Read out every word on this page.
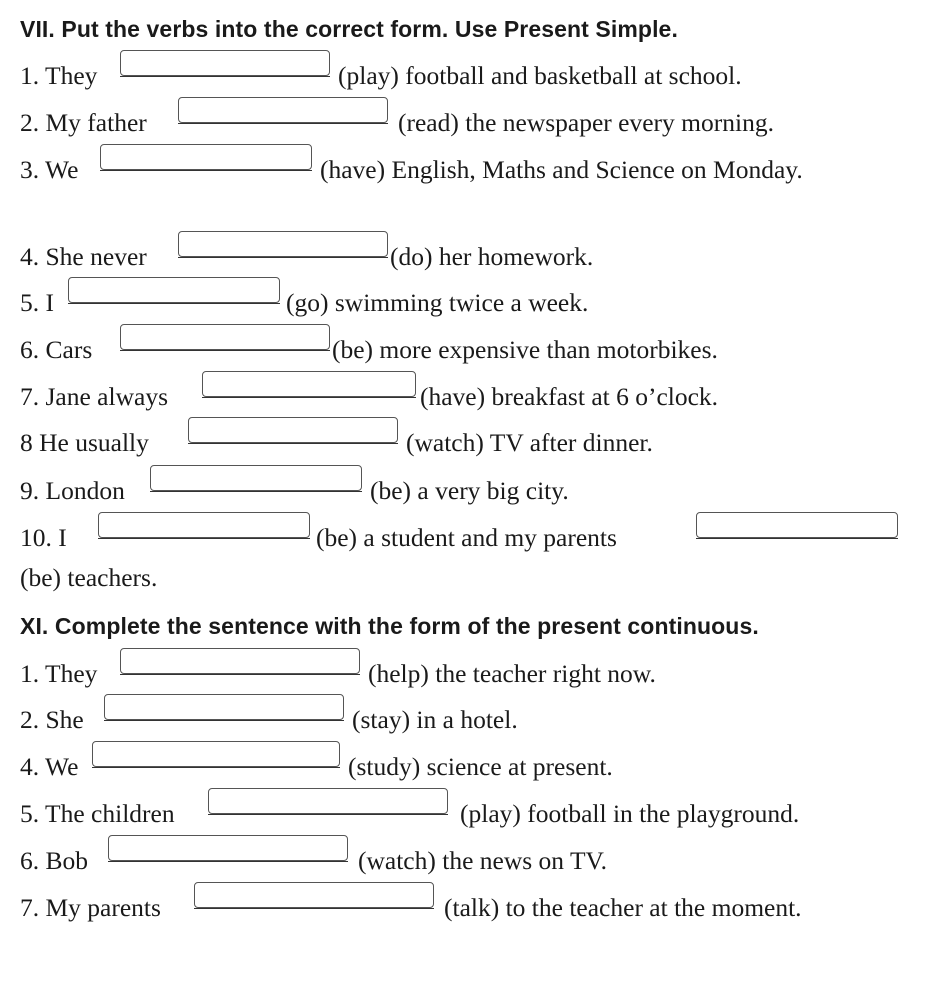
VII. Put the verbs into the correct form. Use Present Simple.
1. They	(play) football and basketball at school.
2. My father	(read) the newspaper every morning.
3. We	(have) English, Maths and Science on Monday.
4. She never	(do) her homework.
5. I	(go) swimming twice a week.
6. Cars	(be) more expensive than motorbikes.
7. Jane always	(have) breakfast at 6 o’clock.
8 He usually	(watch) TV after dinner.
9. London	(be) a very big city.
10. I	(be) a student and my parents
(be) teachers.
XI. Complete the sentence with the form of the present continuous.
1. They	(help) the teacher right now.
2. She	(stay) in a hotel.
4. We	(study) science at present.
5. The children	(play) football in the playground.
6. Bob	(watch) the news on TV.
7. My parents	(talk) to the teacher at the moment.
